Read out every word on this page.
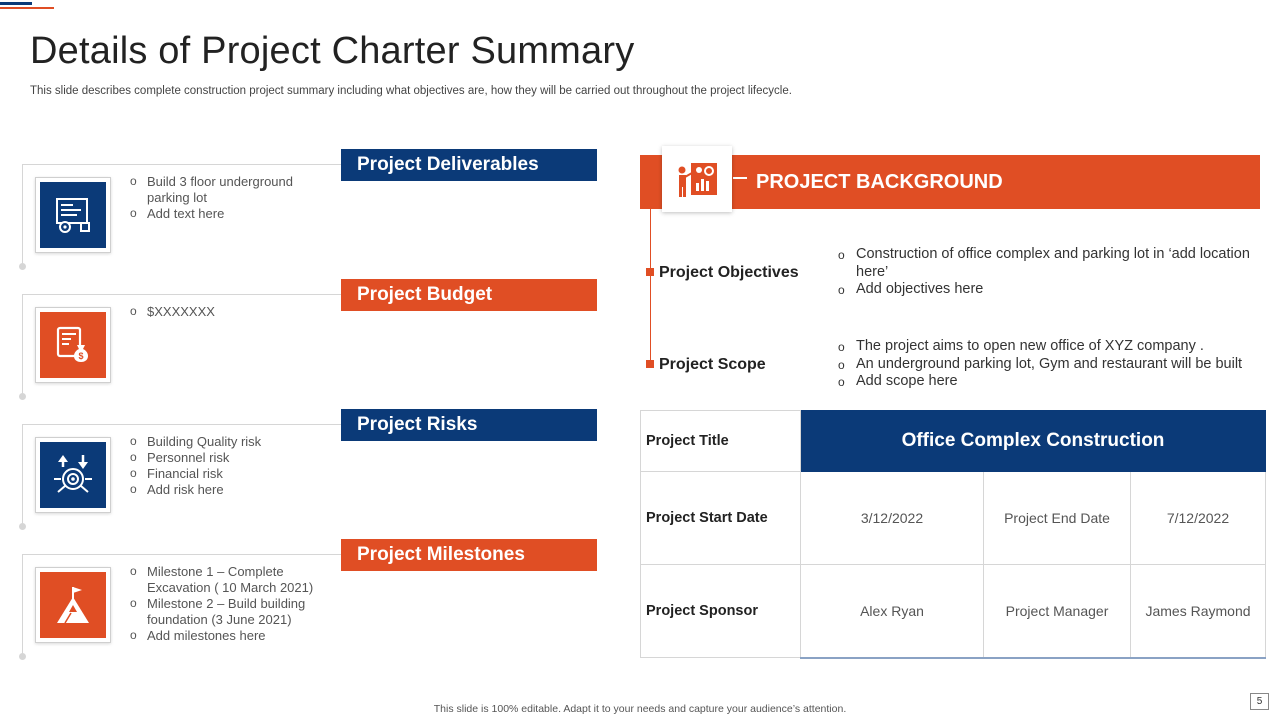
Details of Project Charter Summary

This slide describes complete construction project summary including what objectives are, how they will be carried out throughout the project lifecycle.

o Build 3 floor underground parking lot
o Add text here
Project Deliverables
$
o $XXXXXXX
Project Budget
o Building Quality risk
o Personnel risk
o Financial risk
o Add risk here
Project Risks
o Milestone 1 – Complete Excavation ( 10 March 2021)
o Milestone 2 – Build building foundation (3 June 2021)
o Add milestones here
Project Milestones
PROJECT BACKGROUND
Project Objectives
o Construction of office complex and parking lot in ‘add location here’
o Add objectives here
Project Scope
o The project aims to open new office of XYZ company .
o An underground parking lot, Gym and restaurant will be built
o Add scope here
Project Title	Office Complex Construction		
Project Start Date	3/12/2022	Project End Date	7/12/2022
Project Sponsor	Alex Ryan	Project Manager	James Raymond
This slide is 100% editable. Adapt it to your needs and capture your audience’s attention.
5
